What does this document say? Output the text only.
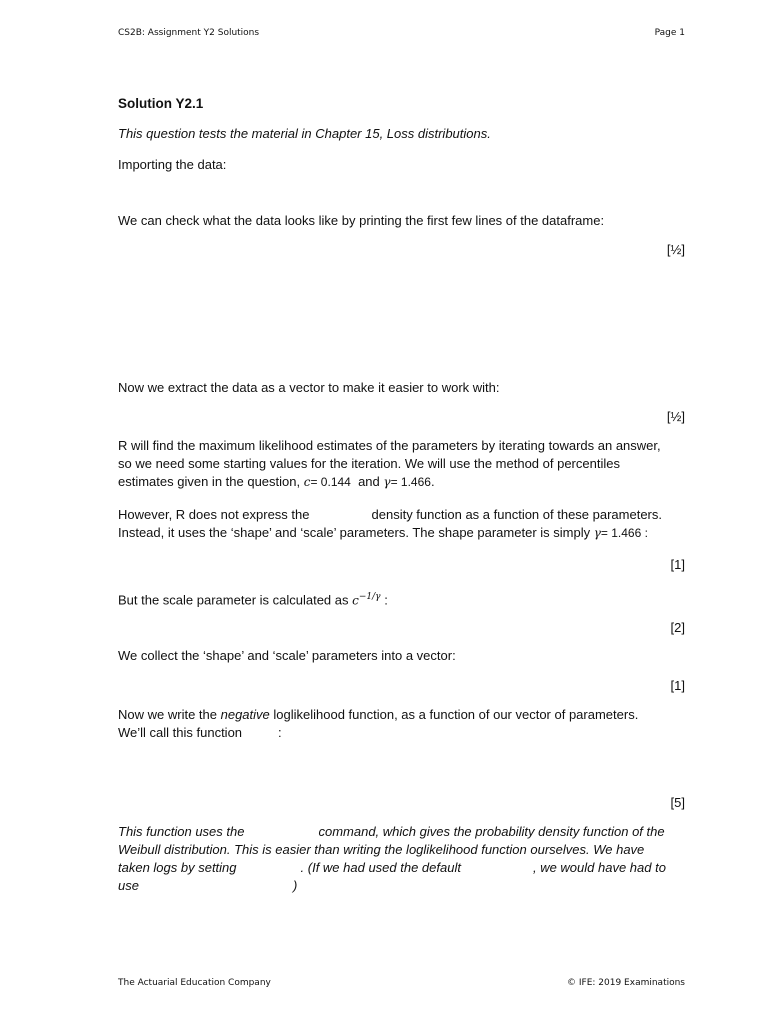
CS2B: Assignment Y2 Solutions	Page 1
Solution Y2.1
This question tests the material in Chapter 15, Loss distributions.
Importing the data:
We can check what the data looks like by printing the first few lines of the dataframe:
[½]
Now we extract the data as a vector to make it easier to work with:
[½]
R will find the maximum likelihood estimates of the parameters by iterating towards an answer,
so we need some starting values for the iteration. We will use the method of percentiles
estimates given in the question, c= 0.144 and γ= 1.466.
However, R does not express the	density function as a function of these parameters.
Instead, it uses the ‘shape’ and ‘scale’ parameters. The shape parameter is simply γ= 1.466 :
[1]
But the scale parameter is calculated as $c^{-1/\gamma}$ :
[2]
We collect the ‘shape’ and ‘scale’ parameters into a vector:
[1]
Now we write the negative loglikelihood function, as a function of our vector of parameters.
We’ll call this function	:
[5]
This function uses the	command, which gives the probability density function of the
Weibull distribution. This is easier than writing the loglikelihood function ourselves. We have
taken logs by setting	. (If we had used the default	, we would have had to
use	)
The Actuarial Education Company	© IFE: 2019 Examinations
